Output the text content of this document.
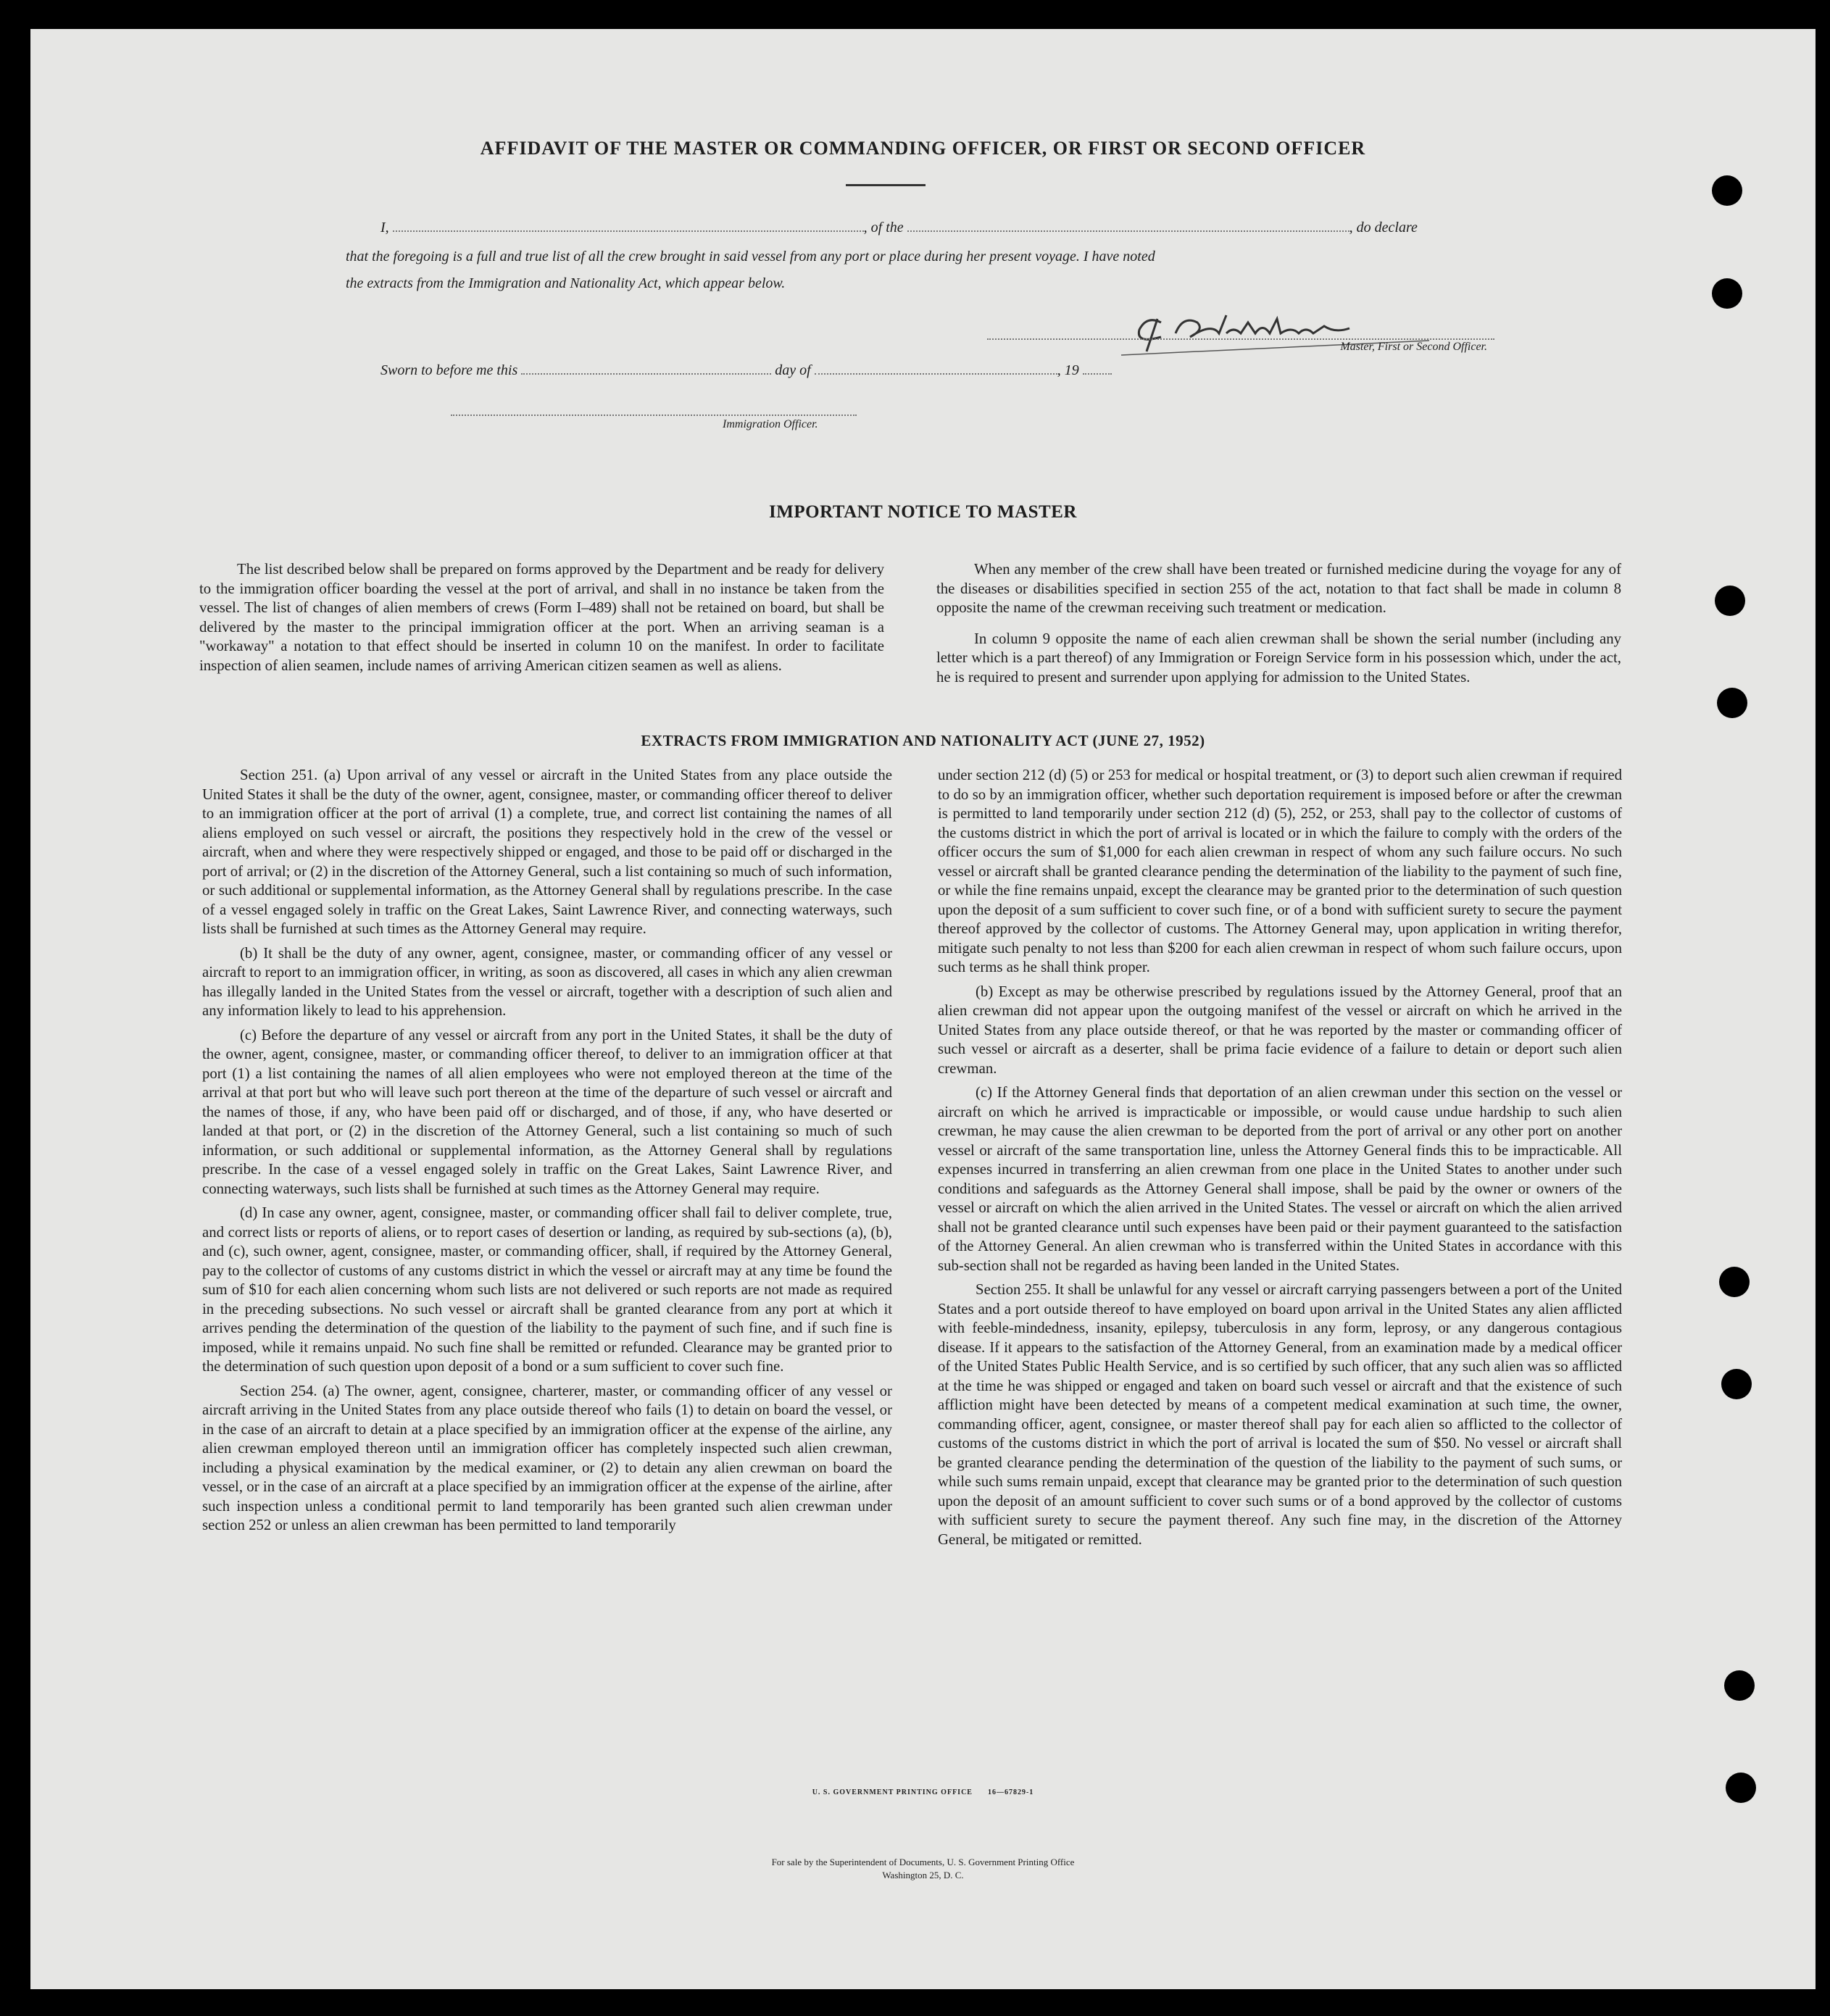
AFFIDAVIT OF THE MASTER OR COMMANDING OFFICER, OR FIRST OR SECOND OFFICER
I,	, of the	, do declare
that the foregoing is a full and true list of all the crew brought in said vessel from any port or place during her present voyage. I have noted
the extracts from the Immigration and Nationality Act, which appear below.
Master, First or Second Officer.
Sworn to before me this	day of	, 19
Immigration Officer.
IMPORTANT NOTICE TO MASTER

The list described below shall be prepared on forms approved by the Department and be ready for delivery to the immigration officer boarding the vessel at the port of arrival, and shall in no instance be taken from the vessel. The list of changes of alien members of crews (Form I–489) shall not be retained on board, but shall be delivered by the master to the principal immigration officer at the port. When an arriving seaman is a "workaway" a notation to that effect should be inserted in column 10 on the manifest. In order to facilitate inspection of alien seamen, include names of arriving American citizen seamen as well as aliens.

When any member of the crew shall have been treated or furnished medicine during the voyage for any of the diseases or disabilities specified in section 255 of the act, notation to that fact shall be made in column 8 opposite the name of the crewman receiving such treatment or medication.

In column 9 opposite the name of each alien crewman shall be shown the serial number (including any letter which is a part thereof) of any Immigration or Foreign Service form in his possession which, under the act, he is required to present and surrender upon applying for admission to the United States.

EXTRACTS FROM IMMIGRATION AND NATIONALITY ACT (JUNE 27, 1952)

Section 251. (a) Upon arrival of any vessel or aircraft in the United States from any place outside the United States it shall be the duty of the owner, agent, consignee, master, or commanding officer thereof to deliver to an immigration officer at the port of arrival (1) a complete, true, and correct list containing the names of all aliens employed on such vessel or aircraft, the positions they respectively hold in the crew of the vessel or aircraft, when and where they were respectively shipped or engaged, and those to be paid off or discharged in the port of arrival; or (2) in the discretion of the Attorney General, such a list containing so much of such information, or such additional or supplemental information, as the Attorney General shall by regulations prescribe. In the case of a vessel engaged solely in traffic on the Great Lakes, Saint Lawrence River, and connecting waterways, such lists shall be furnished at such times as the Attorney General may require.

(b) It shall be the duty of any owner, agent, consignee, master, or commanding officer of any vessel or aircraft to report to an immigration officer, in writing, as soon as discovered, all cases in which any alien crewman has illegally landed in the United States from the vessel or aircraft, together with a description of such alien and any information likely to lead to his apprehension.

(c) Before the departure of any vessel or aircraft from any port in the United States, it shall be the duty of the owner, agent, consignee, master, or commanding officer thereof, to deliver to an immigration officer at that port (1) a list containing the names of all alien employees who were not employed thereon at the time of the arrival at that port but who will leave such port thereon at the time of the departure of such vessel or aircraft and the names of those, if any, who have been paid off or discharged, and of those, if any, who have deserted or landed at that port, or (2) in the discretion of the Attorney General, such a list containing so much of such information, or such additional or supplemental information, as the Attorney General shall by regulations prescribe. In the case of a vessel engaged solely in traffic on the Great Lakes, Saint Lawrence River, and connecting waterways, such lists shall be furnished at such times as the Attorney General may require.

(d) In case any owner, agent, consignee, master, or commanding officer shall fail to deliver complete, true, and correct lists or reports of aliens, or to report cases of desertion or landing, as required by sub-sections (a), (b), and (c), such owner, agent, consignee, master, or commanding officer, shall, if required by the Attorney General, pay to the collector of customs of any customs district in which the vessel or aircraft may at any time be found the sum of $10 for each alien concerning whom such lists are not delivered or such reports are not made as required in the preceding subsections. No such vessel or aircraft shall be granted clearance from any port at which it arrives pending the determination of the question of the liability to the payment of such fine, and if such fine is imposed, while it remains unpaid. No such fine shall be remitted or refunded. Clearance may be granted prior to the determination of such question upon deposit of a bond or a sum sufficient to cover such fine.

Section 254. (a) The owner, agent, consignee, charterer, master, or commanding officer of any vessel or aircraft arriving in the United States from any place outside thereof who fails (1) to detain on board the vessel, or in the case of an aircraft to detain at a place specified by an immigration officer at the expense of the airline, any alien crewman employed thereon until an immigration officer has completely inspected such alien crewman, including a physical examination by the medical examiner, or (2) to detain any alien crewman on board the vessel, or in the case of an aircraft at a place specified by an immigration officer at the expense of the airline, after such inspection unless a conditional permit to land temporarily has been granted such alien crewman under section 252 or unless an alien crewman has been permitted to land temporarily

under section 212 (d) (5) or 253 for medical or hospital treatment, or (3) to deport such alien crewman if required to do so by an immigration officer, whether such deportation requirement is imposed before or after the crewman is permitted to land temporarily under section 212 (d) (5), 252, or 253, shall pay to the collector of customs of the customs district in which the port of arrival is located or in which the failure to comply with the orders of the officer occurs the sum of $1,000 for each alien crewman in respect of whom any such failure occurs. No such vessel or aircraft shall be granted clearance pending the determination of the liability to the payment of such fine, or while the fine remains unpaid, except the clearance may be granted prior to the determination of such question upon the deposit of a sum sufficient to cover such fine, or of a bond with sufficient surety to secure the payment thereof approved by the collector of customs. The Attorney General may, upon application in writing therefor, mitigate such penalty to not less than $200 for each alien crewman in respect of whom such failure occurs, upon such terms as he shall think proper.

(b) Except as may be otherwise prescribed by regulations issued by the Attorney General, proof that an alien crewman did not appear upon the outgoing manifest of the vessel or aircraft on which he arrived in the United States from any place outside thereof, or that he was reported by the master or commanding officer of such vessel or aircraft as a deserter, shall be prima facie evidence of a failure to detain or deport such alien crewman.

(c) If the Attorney General finds that deportation of an alien crewman under this section on the vessel or aircraft on which he arrived is impracticable or impossible, or would cause undue hardship to such alien crewman, he may cause the alien crewman to be deported from the port of arrival or any other port on another vessel or aircraft of the same transportation line, unless the Attorney General finds this to be impracticable. All expenses incurred in transferring an alien crewman from one place in the United States to another under such conditions and safeguards as the Attorney General shall impose, shall be paid by the owner or owners of the vessel or aircraft on which the alien arrived in the United States. The vessel or aircraft on which the alien arrived shall not be granted clearance until such expenses have been paid or their payment guaranteed to the satisfaction of the Attorney General. An alien crewman who is transferred within the United States in accordance with this sub-section shall not be regarded as having been landed in the United States.

Section 255. It shall be unlawful for any vessel or aircraft carrying passengers between a port of the United States and a port outside thereof to have employed on board upon arrival in the United States any alien afflicted with feeble-mindedness, insanity, epilepsy, tuberculosis in any form, leprosy, or any dangerous contagious disease. If it appears to the satisfaction of the Attorney General, from an examination made by a medical officer of the United States Public Health Service, and is so certified by such officer, that any such alien was so afflicted at the time he was shipped or engaged and taken on board such vessel or aircraft and that the existence of such affliction might have been detected by means of a competent medical examination at such time, the owner, commanding officer, agent, consignee, or master thereof shall pay for each alien so afflicted to the collector of customs of the customs district in which the port of arrival is located the sum of $50. No vessel or aircraft shall be granted clearance pending the determination of the question of the liability to the payment of such sums, or while such sums remain unpaid, except that clearance may be granted prior to the determination of such question upon the deposit of an amount sufficient to cover such sums or of a bond approved by the collector of customs with sufficient surety to secure the payment thereof. Any such fine may, in the discretion of the Attorney General, be mitigated or remitted.

U. S. GOVERNMENT PRINTING OFFICE      16—67829-1
For sale by the Superintendent of Documents, U. S. Government Printing Office
Washington 25, D. C.
